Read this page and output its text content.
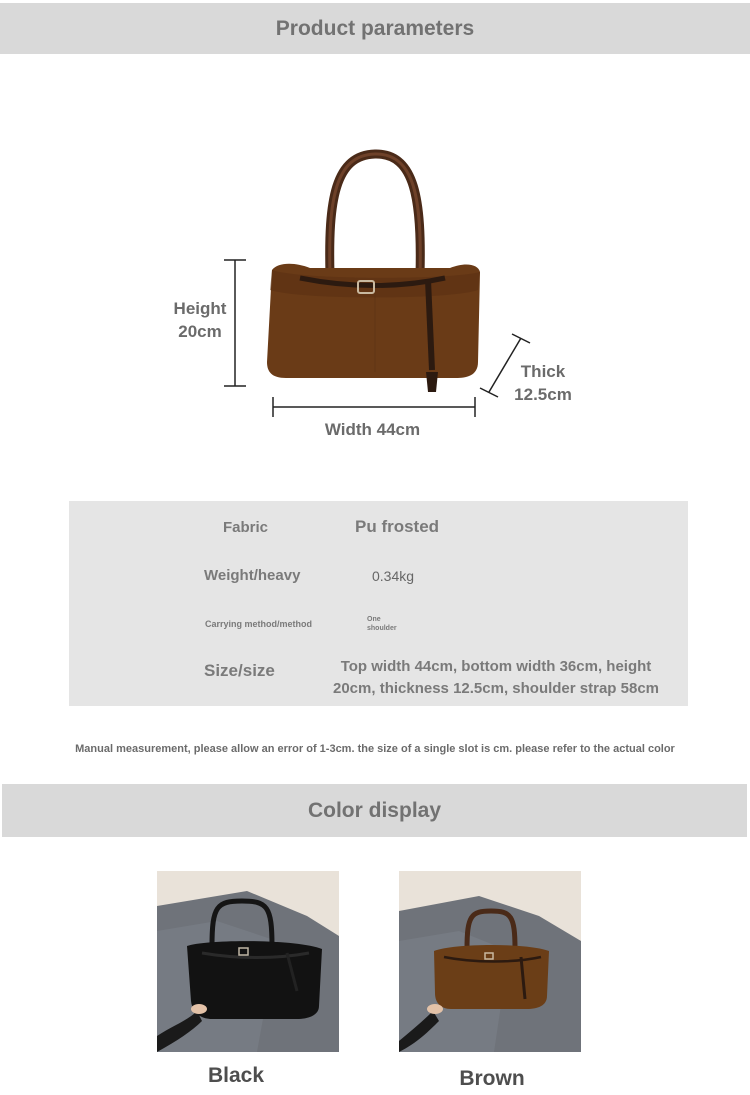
Product parameters
Height
20cm
Thick
12.5cm
Width 44cm
Fabric	Pu frosted
Weight/heavy	0.34kg
Carrying method/method	One
shoulder
Size/size	Top width 44cm, bottom width 36cm, height
20cm, thickness 12.5cm, shoulder strap 58cm
Manual measurement, please allow an error of 1-3cm. the size of a single slot is cm. please refer to the actual color
Color display
Black	Brown
